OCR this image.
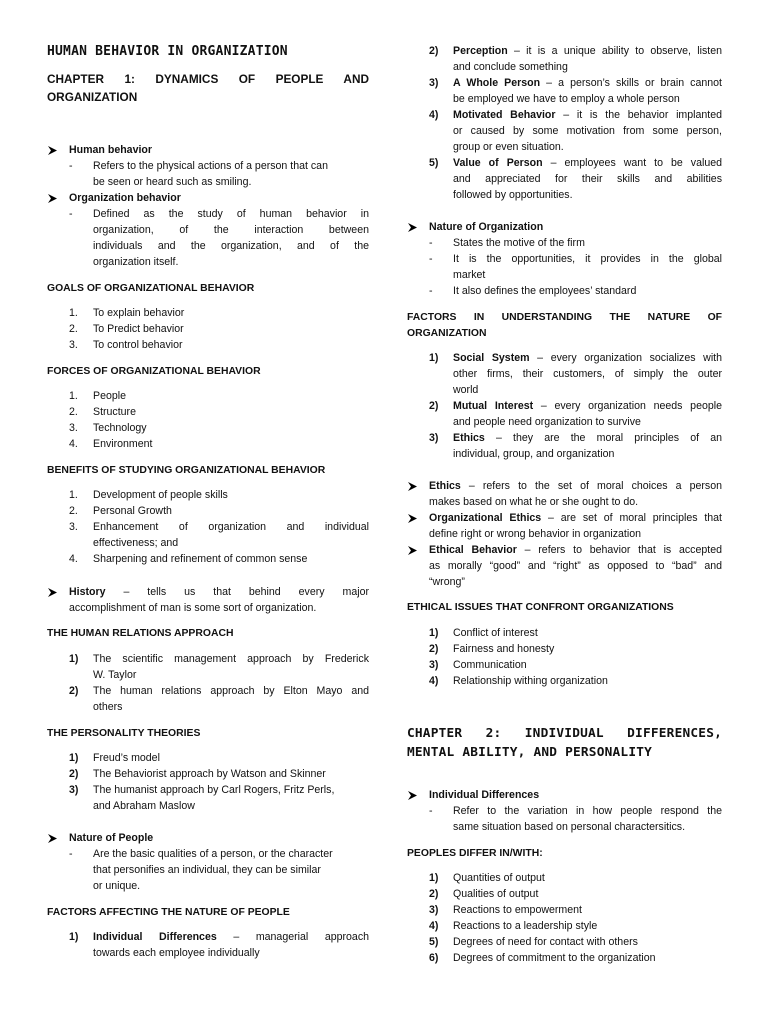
HUMAN BEHAVIOR IN ORGANIZATION
CHAPTER 1: DYNAMICS OF PEOPLE AND
ORGANIZATION
Human behavior
- Refers to the physical actions of a person that can
be seen or heard such as smiling.
Organization behavior
- Defined as the study of human behavior in
organization, of the interaction between
individuals and the organization, and of the
organization itself.
GOALS OF ORGANIZATIONAL BEHAVIOR
1.	To explain behavior
2.	To Predict behavior
3.	To control behavior
FORCES OF ORGANIZATIONAL BEHAVIOR
1.	People
2.	Structure
3.	Technology
4.	Environment
BENEFITS OF STUDYING ORGANIZATIONAL BEHAVIOR
1.	Development of people skills
2.	Personal Growth
3.	Enhancement of organization and individual
effectiveness; and
4.	Sharpening and refinement of common sense
History – tells us that behind every major
accomplishment of man is some sort of organization.
THE HUMAN RELATIONS APPROACH
1)	The scientific management approach by Frederick
W. Taylor
2)	The human relations approach by Elton Mayo and
others
THE PERSONALITY THEORIES
1)	Freud’s model
2)	The Behaviorist approach by Watson and Skinner
3)	The humanist approach by Carl Rogers, Fritz Perls,
and Abraham Maslow
Nature of People
- Are the basic qualities of a person, or the character
that personifies an individual, they can be similar
or unique.
FACTORS AFFECTING THE NATURE OF PEOPLE
1)	Individual Differences – managerial approach
towards each employee individually
2)	Perception – it is a unique ability to observe, listen
and conclude something
3)	A Whole Person – a person’s skills or brain cannot
be employed we have to employ a whole person
4)	Motivated Behavior – it is the behavior implanted
or caused by some motivation from some person,
group or even situation.
5)	Value of Person – employees want to be valued
and appreciated for their skills and abilities
followed by opportunities.
Nature of Organization
- States the motive of the firm
- It is the opportunities, it provides in the global
market
- It also defines the employees’ standard
FACTORS IN UNDERSTANDING THE NATURE OF
ORGANIZATION
1)	Social System – every organization socializes with
other firms, their customers, of simply the outer
world
2)	Mutual Interest – every organization needs people
and people need organization to survive
3)	Ethics – they are the moral principles of an
individual, group, and organization
Ethics – refers to the set of moral choices a person
makes based on what he or she ought to do.
Organizational Ethics – are set of moral principles that
define right or wrong behavior in organization
Ethical Behavior – refers to behavior that is accepted
as morally “good” and “right” as opposed to “bad” and
“wrong”
ETHICAL ISSUES THAT CONFRONT ORGANIZATIONS
1)	Conflict of interest
2)	Fairness and honesty
3)	Communication
4)	Relationship withing organization
CHAPTER 2: INDIVIDUAL DIFFERENCES,
MENTAL ABILITY, AND PERSONALITY
Individual Differences
- Refer to the variation in how people respond the
same situation based on personal charactersitics.
PEOPLES DIFFER IN/WITH:
1)	Quantities of output
2)	Qualities of output
3)	Reactions to empowerment
4)	Reactions to a leadership style
5)	Degrees of need for contact with others
6)	Degrees of commitment to the organization
